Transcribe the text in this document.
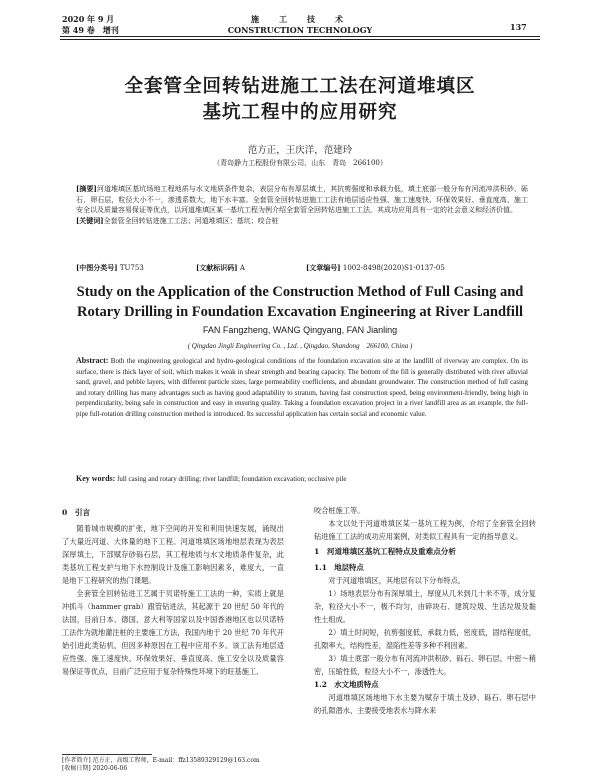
2020 年 9 月
第 49 卷　增刊
施　工　技　术
CONSTRUCTION TECHNOLOGY	137
全套管全回转钻进施工工法在河道堆填区
基坑工程中的应用研究
范方正，王庆洋，范建玲
（青岛静力工程股份有限公司，山东　青岛　266100）
[摘要]河道堆填区基坑场地工程地质与水文地质条件复杂，表层分布有厚层填土，其抗剪强度和承载力低，填土底部一般分布有河流冲洪积砂、砾石、卵石层，粒径大小不一，渗透系数大，地下水丰富。全套管全回转钻进施工工法有地层适应性强、施工速度快、环保效果好、垂直度高、施工安全以及质量容易保证等优点，以河道堆填区某一基坑工程为例介绍全套管全回转钻进施工工法，其成功应用具有一定的社会意义和经济价值。
[关键词]全套管全回转钻进施工工法；河道堆填区；基坑；咬合桩
[中图分类号] TU753	[文献标识码] A	[文章编号] 1002-8498(2020)S1-0137-05
Study on the Application of the Construction Method of Full Casing and
Rotary Drilling in Foundation Excavation Engineering at River Landfill
FAN Fangzheng, WANG Qingyang, FAN Jianling
( Qingdao Jingli Engineering Co. , Ltd. , Qingdao, Shandong　266100, China )
Abstract: Both the engineering geological and hydro-geological conditions of the foundation excavation site at the landfill of riverway are complex. On its surface, there is thick layer of soil, which makes it weak in shear strength and bearing capacity. The bottom of the fill is generally distributed with river alluvial sand, gravel, and pebble layers, with different particle sizes, large permeability coefficients, and abundant groundwater. The construction method of full casing and rotary drilling has many advantages such as having good adaptability to stratum, having fast construction speed, being environment-friendly, being high in perpendicularity, being safe in construction and easy in ensuring quality. Taking a foundation excavation project in a river landfill area as an example, the full-pipe full-rotation drilling construction method is introduced. Its successful application has certain social and economic value.
Key words: full casing and rotary drilling; river landfill; foundation excavation; occlusive pile

0　引言

随着城市规模的扩张，地下空间的开发和利用快速发展，涌现出了大量近河道、大体量的地下工程。河道堆填区场地地层表现为表层深厚填土，下部赋存砂砾石层，其工程地质与水文地质条件复杂，此类基坑工程支护与地下水控制设计及施工影响因素多，难度大，一直是地下工程研究的热门课题。

全套管全回转钻进工艺属于贝诺特施工工法的一种，实质上就是冲抓斗（hammer grab）跟管钻进法，其起源于 20 世纪 50 年代的法国，目前日本、德国、意大利等国家以及中国香港地区也以贝诺特工法作为就地灌注桩的主要施工方法，我国内地于 20 世纪 70 年代开始引进此类钻机，但因多种原因在工程中应用不多。该工法有地层适应性强、施工速度快、环保效果好、垂直度高、施工安全以及质量容易保证等优点，目前广泛应用于复杂特殊性环境下的旺基施工、

咬合桩施工等。

本文以处于河道堆填区某一基坑工程为例，介绍了全套管全回转钻进施工工法的成功应用案例，对类似工程具有一定的指导意义。

1　河道堆填区基坑工程特点及重难点分析

1.1　地层特点

对于河道堆填区，其地层有以下分布特点。

1）场地表层分布有深厚填土，厚度从几米到几十米不等，成分复杂，粒径大小不一，极不均匀，由碎块石、建筑垃圾、生活垃圾及黏性土组成。

2）填土时间短，抗剪强度低，承载力低，密度低，固结程度低，孔隙率大，结构性差，湿陷性差等多种不利因素。

3）填土底部一般分布有河流冲洪积砂、砾石、卵石层，中密～稍密，压缩性低，粒径大小不一，渗透性大。

1.2　水文地质特点

河道堆填区场地地下水主要为赋存于填土及砂、砾石、卵石层中的孔隙潜水，主要接受地表水与降水来

[作者简介] 范方正，高级工程师，E-mail：ffz13589329129@163.com
[收稿日期] 2020-06-06
